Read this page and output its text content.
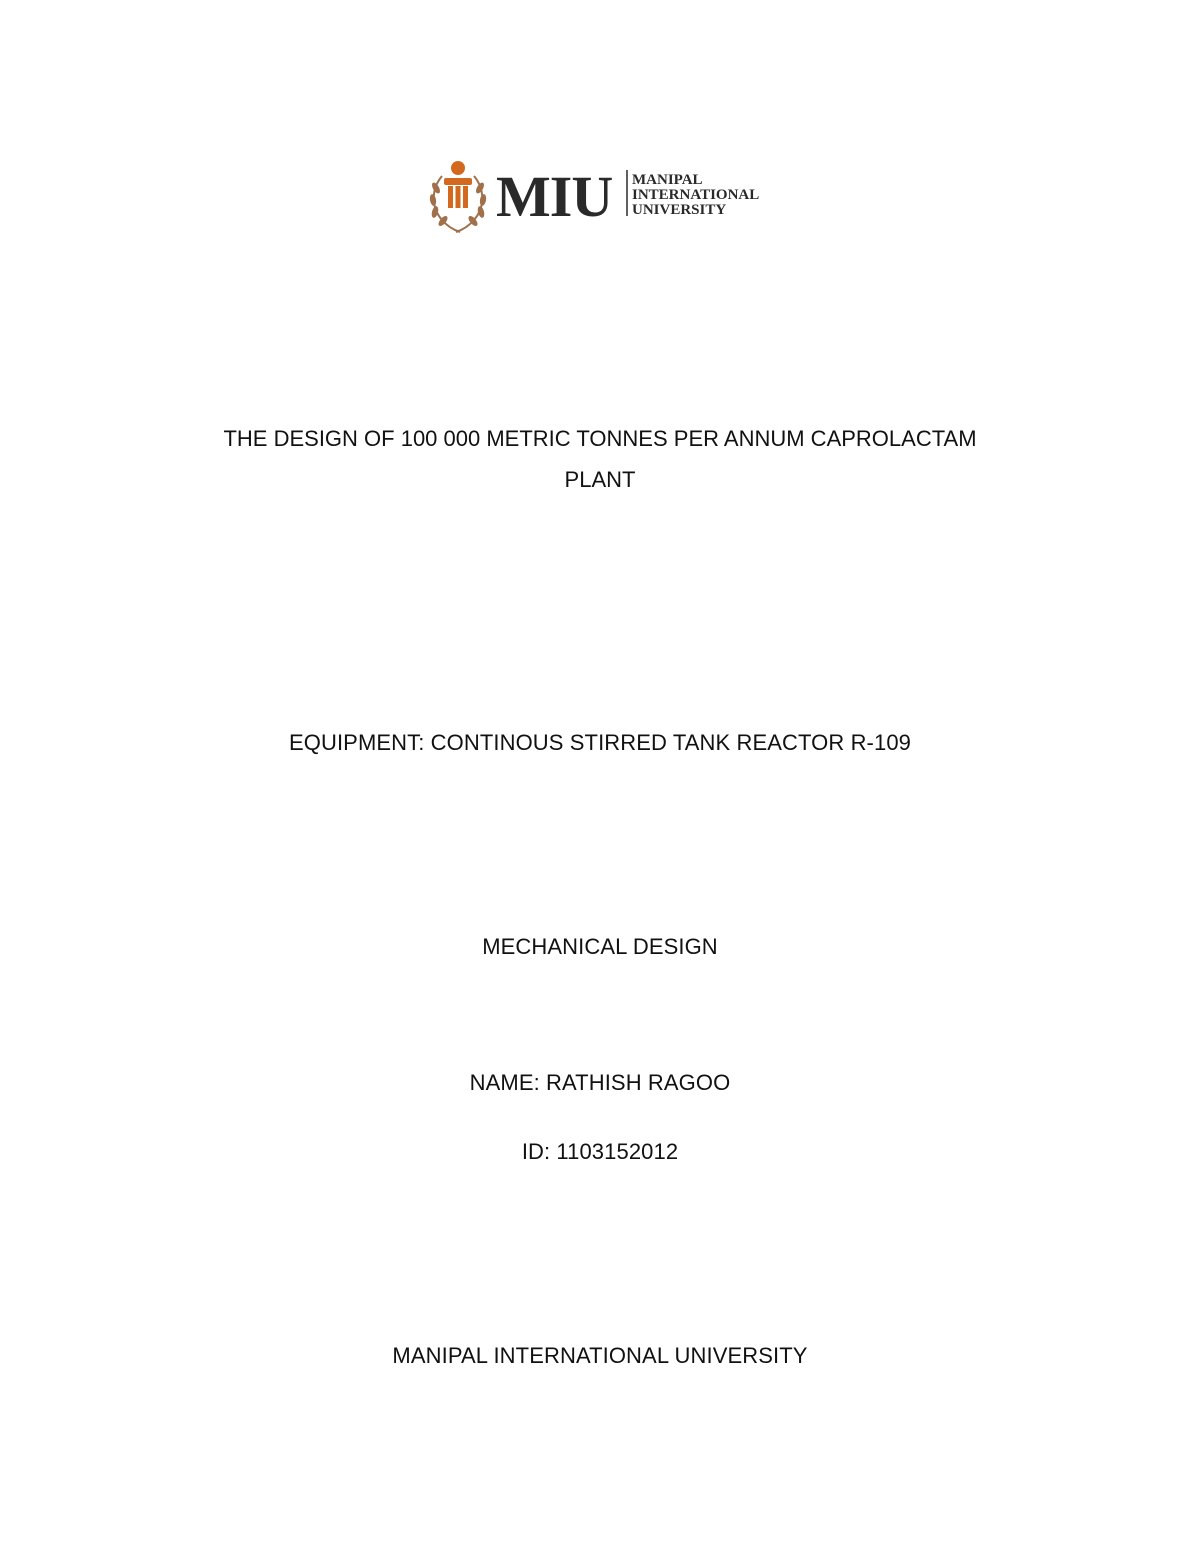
MIU MANIPAL
INTERNATIONAL
UNIVERSITY
THE DESIGN OF 100 000 METRIC TONNES PER ANNUM CAPROLACTAM
PLANT
EQUIPMENT: CONTINOUS STIRRED TANK REACTOR R-109
MECHANICAL DESIGN
NAME: RATHISH RAGOO
ID: 1103152012
MANIPAL INTERNATIONAL UNIVERSITY
